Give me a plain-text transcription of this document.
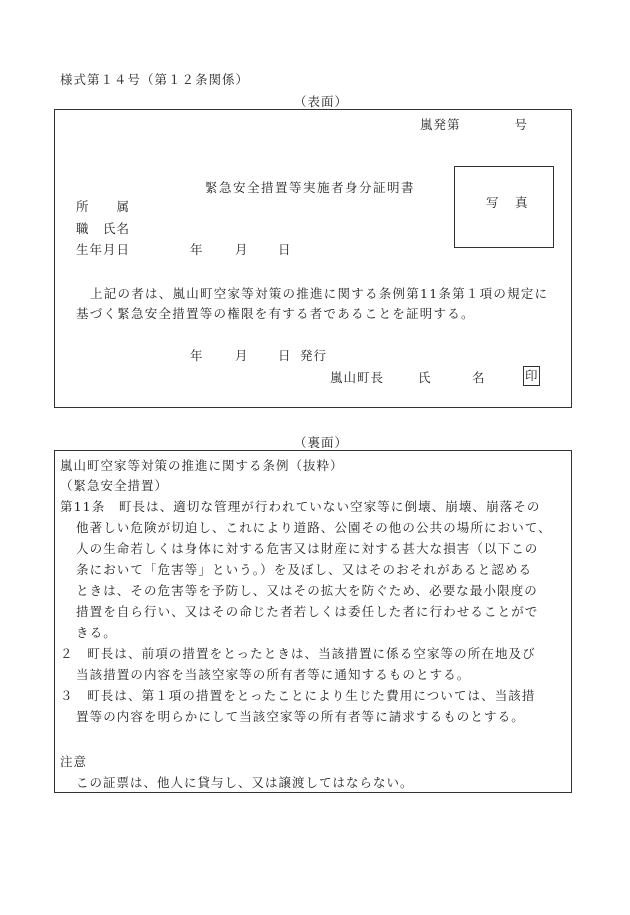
様式第１４号（第１２条関係）
（表面）
嵐発第　　　　号
緊急安全措置等実施者身分証明書
写　真
所　　属
職　氏名
生年月日	年	月 日
上記の者は、嵐山町空家等対策の推進に関する条例第11条第１項の規定に
基づく緊急安全措置等の権限を有する者であることを証明する。
年	月 日 発行
嵐山町長	氏　　　名	印
（裏面）
嵐山町空家等対策の推進に関する条例（抜粋）
（緊急安全措置）
第11条　町長は、適切な管理が行われていない空家等に倒壊、崩壊、崩落その
他著しい危険が切迫し、これにより道路、公園その他の公共の場所において、
人の生命若しくは身体に対する危害又は財産に対する甚大な損害（以下この
条において「危害等」という。）を及ぼし、又はそのおそれがあると認める
ときは、その危害等を予防し、又はその拡大を防ぐため、必要な最小限度の
措置を自ら行い、又はその命じた者若しくは委任した者に行わせることがで
きる。
２　町長は、前項の措置をとったときは、当該措置に係る空家等の所在地及び
当該措置の内容を当該空家等の所有者等に通知するものとする。
３　町長は、第１項の措置をとったことにより生じた費用については、当該措
置等の内容を明らかにして当該空家等の所有者等に請求するものとする。
注意
この証票は、他人に貸与し、又は譲渡してはならない。
